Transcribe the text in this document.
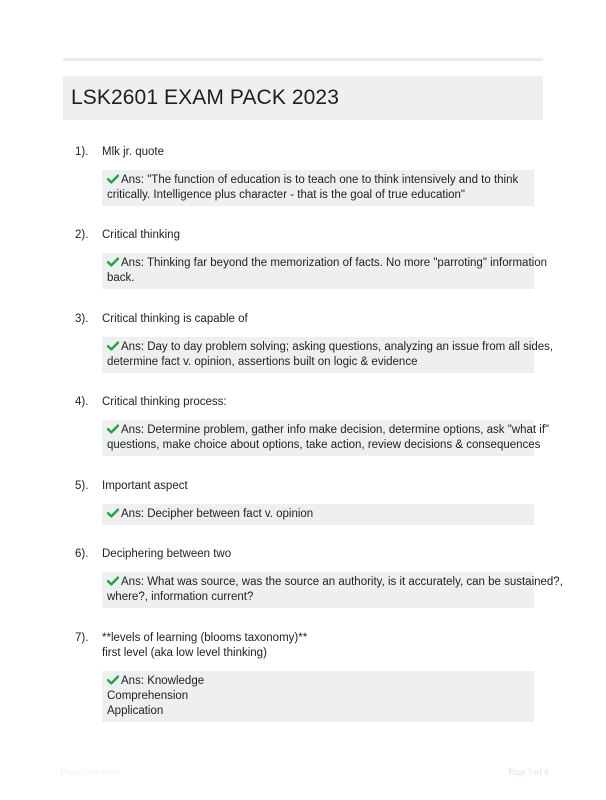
LSK2601 EXAM PACK 2023
1). Mlk jr. quote
Ans: "The function of education is to teach one to think intensively and to think
critically. Intelligence plus character - that is the goal of true education"
2). Critical thinking
Ans: Thinking far beyond the memorization of facts. No more "parroting" information
back.
3). Critical thinking is capable of
Ans: Day to day problem solving; asking questions, analyzing an issue from all sides,
determine fact v. opinion, assertions built on logic & evidence
4). Critical thinking process:
Ans: Determine problem, gather info make decision, determine options, ask "what if"
questions, make choice about options, take action, review decisions & consequences
5). Important aspect
Ans: Decipher between fact v. opinion
6). Deciphering between two
Ans: What was source, was the source an authority, is it accurately, can be sustained?,
where?, information current?
7). **levels of learning (blooms taxonomy)**
first level (aka low level thinking)
Ans: Knowledge
Comprehension
Application
PaperStar.com	Page 1 of 6
